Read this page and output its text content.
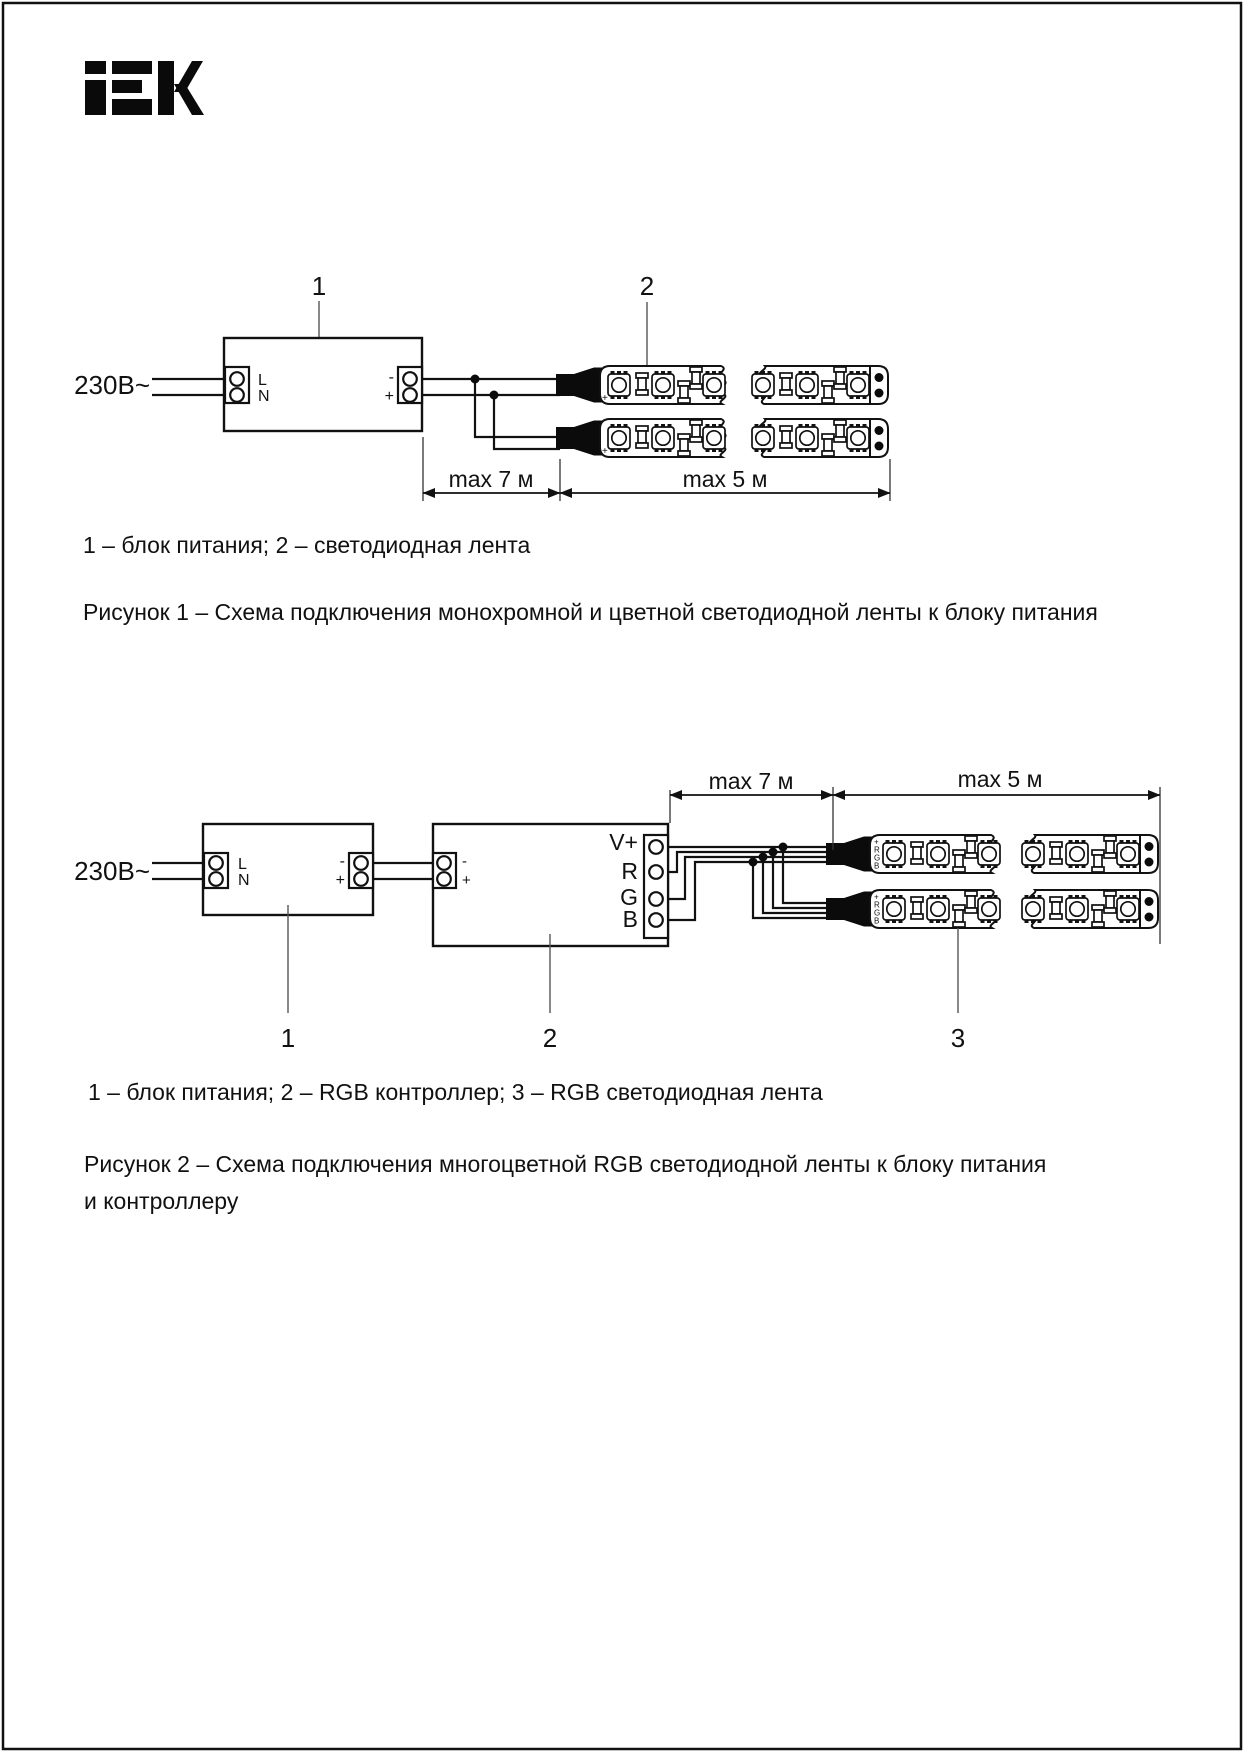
1	2
230В~	L
N
-
+	+
+
max 7 м	max 5 м
1 – блок питания; 2 – светодиодная лента
Рисунок 1 – Схема подключения монохромной и цветной светодиодной ленты к блоку питания
230В~	L
N
-
+
-
+
V+
R
G
B
+
R
G
B
+
R
G
B
max 7 м	max 5 м
1	2	3
1 – блок питания; 2 – RGB контроллер; 3 – RGB светодиодная лента
Рисунок 2 – Схема подключения многоцветной RGB светодиодной ленты к блоку питания
и контроллеру
